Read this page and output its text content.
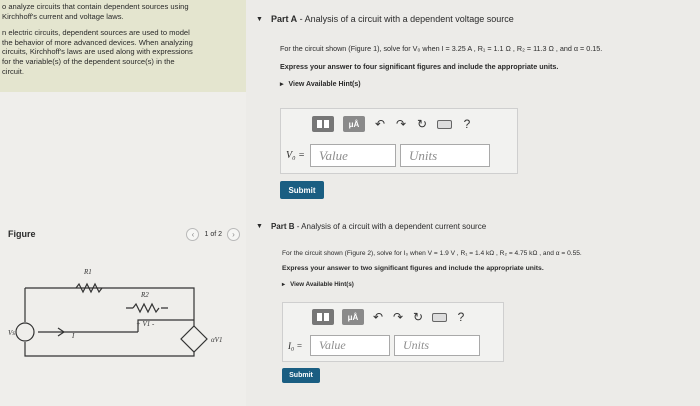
o analyze circuits that contain dependent sources using
Kirchhoff's current and voltage laws.

n electric circuits, dependent sources are used to model
the behavior of more advanced devices. When analyzing
circuits, Kirchhoff's laws are used along with expressions
for the variable(s) of the dependent source(s) in the
circuit.

Figure	‹	1 of 2	›
R1
R2
+ V1 -
Vs	I	αV1
▼ Part A - Analysis of a circuit with a dependent voltage source
For the circuit shown (Figure 1), solve for V₀ when I = 3.25 A , R₁ = 1.1 Ω , R₂ = 11.3 Ω , and α = 0.15.
Express your answer to four significant figures and include the appropriate units.
▸ View Available Hint(s)
μÅ	↶ ↷ ↻	?
V₀ =	Value	Units
Submit
▼ Part B - Analysis of a circuit with a dependent current source
For the circuit shown (Figure 2), solve for I₀ when V = 1.9 V , R₁ = 1.4 kΩ , R₂ = 4.75 kΩ , and α = 0.55.
Express your answer to two significant figures and include the appropriate units.
▸ View Available Hint(s)
μÅ	↶ ↷ ↻	?
I₀ =	Value	Units
Submit
